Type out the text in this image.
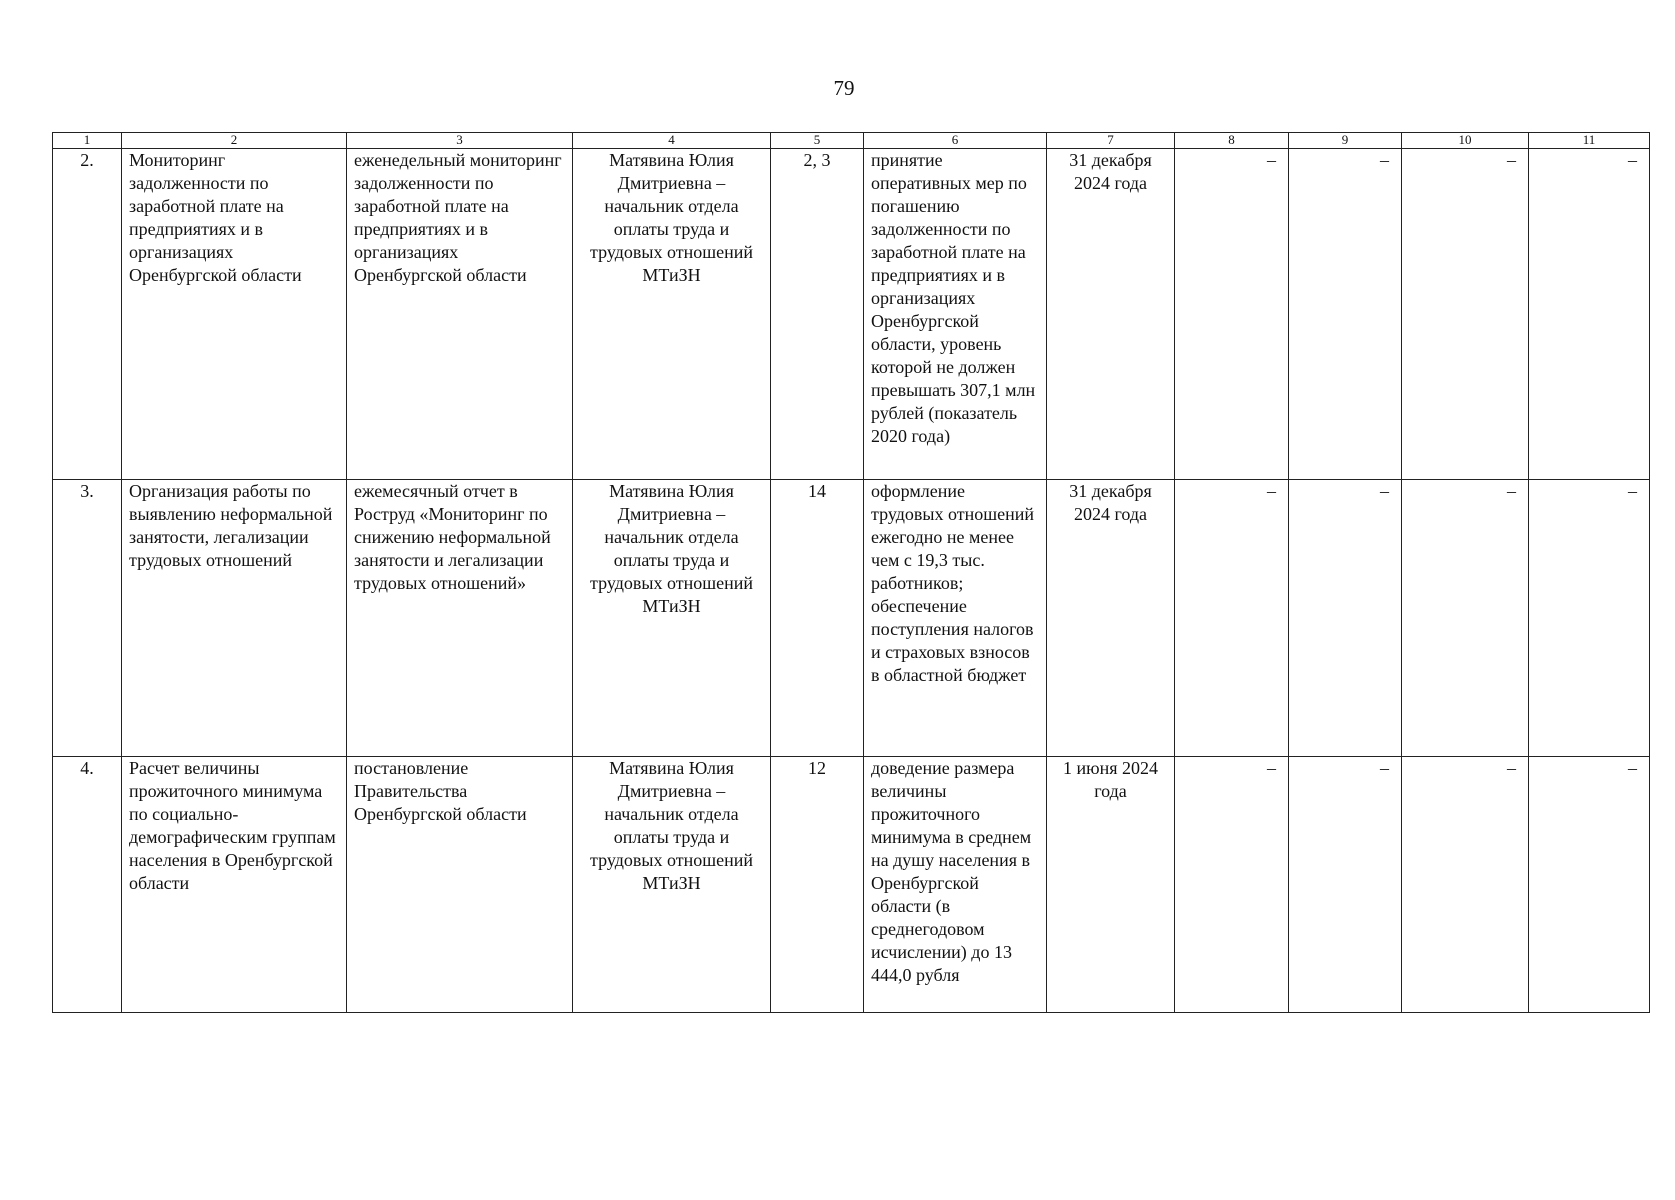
79
1	2	3	4	5	6	7	8	9	10	11
2.	Мониторинг задолженности по заработной плате на предприятиях и в организациях Оренбургской области	еженедельный мониторинг задолженности по заработной плате на предприятиях и в организациях Оренбургской области	Матявина Юлия Дмитриевна – начальник отдела оплаты труда и трудовых отношений МТиЗН	2, 3	принятие оперативных мер по погашению задолженности по заработной плате на предприятиях и в организациях Оренбургской области, уровень которой не должен превышать 307,1 млн рублей (показатель 2020 года)	31 декабря 2024 года	–	–	–	–
3.	Организация работы по выявлению неформальной занятости, легализации трудовых отношений	ежемесячный отчет в Роструд «Мониторинг по снижению неформальной занятости и легализации трудовых отношений»	Матявина Юлия Дмитриевна – начальник отдела оплаты труда и трудовых отношений МТиЗН	14	оформление трудовых отношений ежегодно не менее чем с 19,3 тыс. работников; обеспечение поступления налогов и страховых взносов в областной бюджет	31 декабря 2024 года	–	–	–	–
4.	Расчет величины прожиточного минимума по социально-демографическим группам населения в Оренбургской области	постановление Правительства Оренбургской области	Матявина Юлия Дмитриевна – начальник отдела оплаты труда и трудовых отношений МТиЗН	12	доведение размера величины прожиточного минимума в среднем на душу населения в Оренбургской области (в среднегодовом исчислении) до 13 444,0 рубля	1 июня 2024 года	–	–	–	–
